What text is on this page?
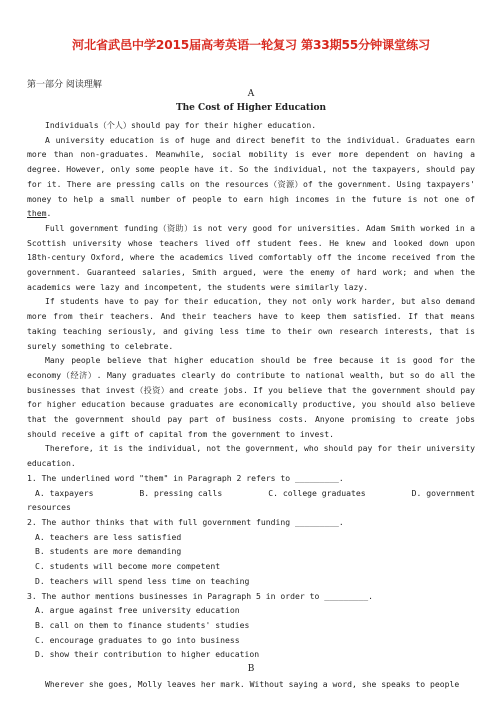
河北省武邑中学2015届高考英语一轮复习 第33期55分钟课堂练习
第一部分 阅读理解
A
The Cost of Higher Education

Individuals（个人）should pay for their higher education.

A university education is of huge and direct benefit to the individual. Graduates earn more than non-graduates. Meanwhile, social mobility is ever more dependent on having a degree. However, only some people have it. So the individual, not the taxpayers, should pay for it. There are pressing calls on the resources（资源）of the government. Using taxpayers' money to help a small number of people to earn high incomes in the future is not one of them.

Full government funding（资助）is not very good for universities. Adam Smith worked in a Scottish university whose teachers lived off student fees. He knew and looked down upon 18th-century Oxford, where the academics lived comfortably off the income received from the government. Guaranteed salaries, Smith argued, were the enemy of hard work; and when the academics were lazy and incompetent, the students were similarly lazy.

If students have to pay for their education, they not only work harder, but also demand more from their teachers. And their teachers have to keep them satisfied. If that means taking teaching seriously, and giving less time to their own research interests, that is surely something to celebrate.

Many people believe that higher education should be free because it is good for the economy（经济）. Many graduates clearly do contribute to national wealth, but so do all the businesses that invest（投资）and create jobs. If you believe that the government should pay for higher education because graduates are economically productive, you should also believe that the government should pay part of business costs. Anyone promising to create jobs should receive a gift of capital from the government to invest.

Therefore, it is the individual, not the government, who should pay for their university education.

1. The underlined word "them" in Paragraph 2 refers to _________.

A. taxpayers	B. pressing calls	C. college graduates	D. government

resources

2. The author thinks that with full government funding _________.

A. teachers are less satisfied

B. students are more demanding

C. students will become more competent

D. teachers will spend less time on teaching

3. The author mentions businesses in Paragraph 5 in order to _________.

A. argue against free university education

B. call on them to finance students' studies

C. encourage graduates to go into business

D. show their contribution to higher education

B

Wherever she goes, Molly leaves her mark. Without saying a word, she speaks to people
